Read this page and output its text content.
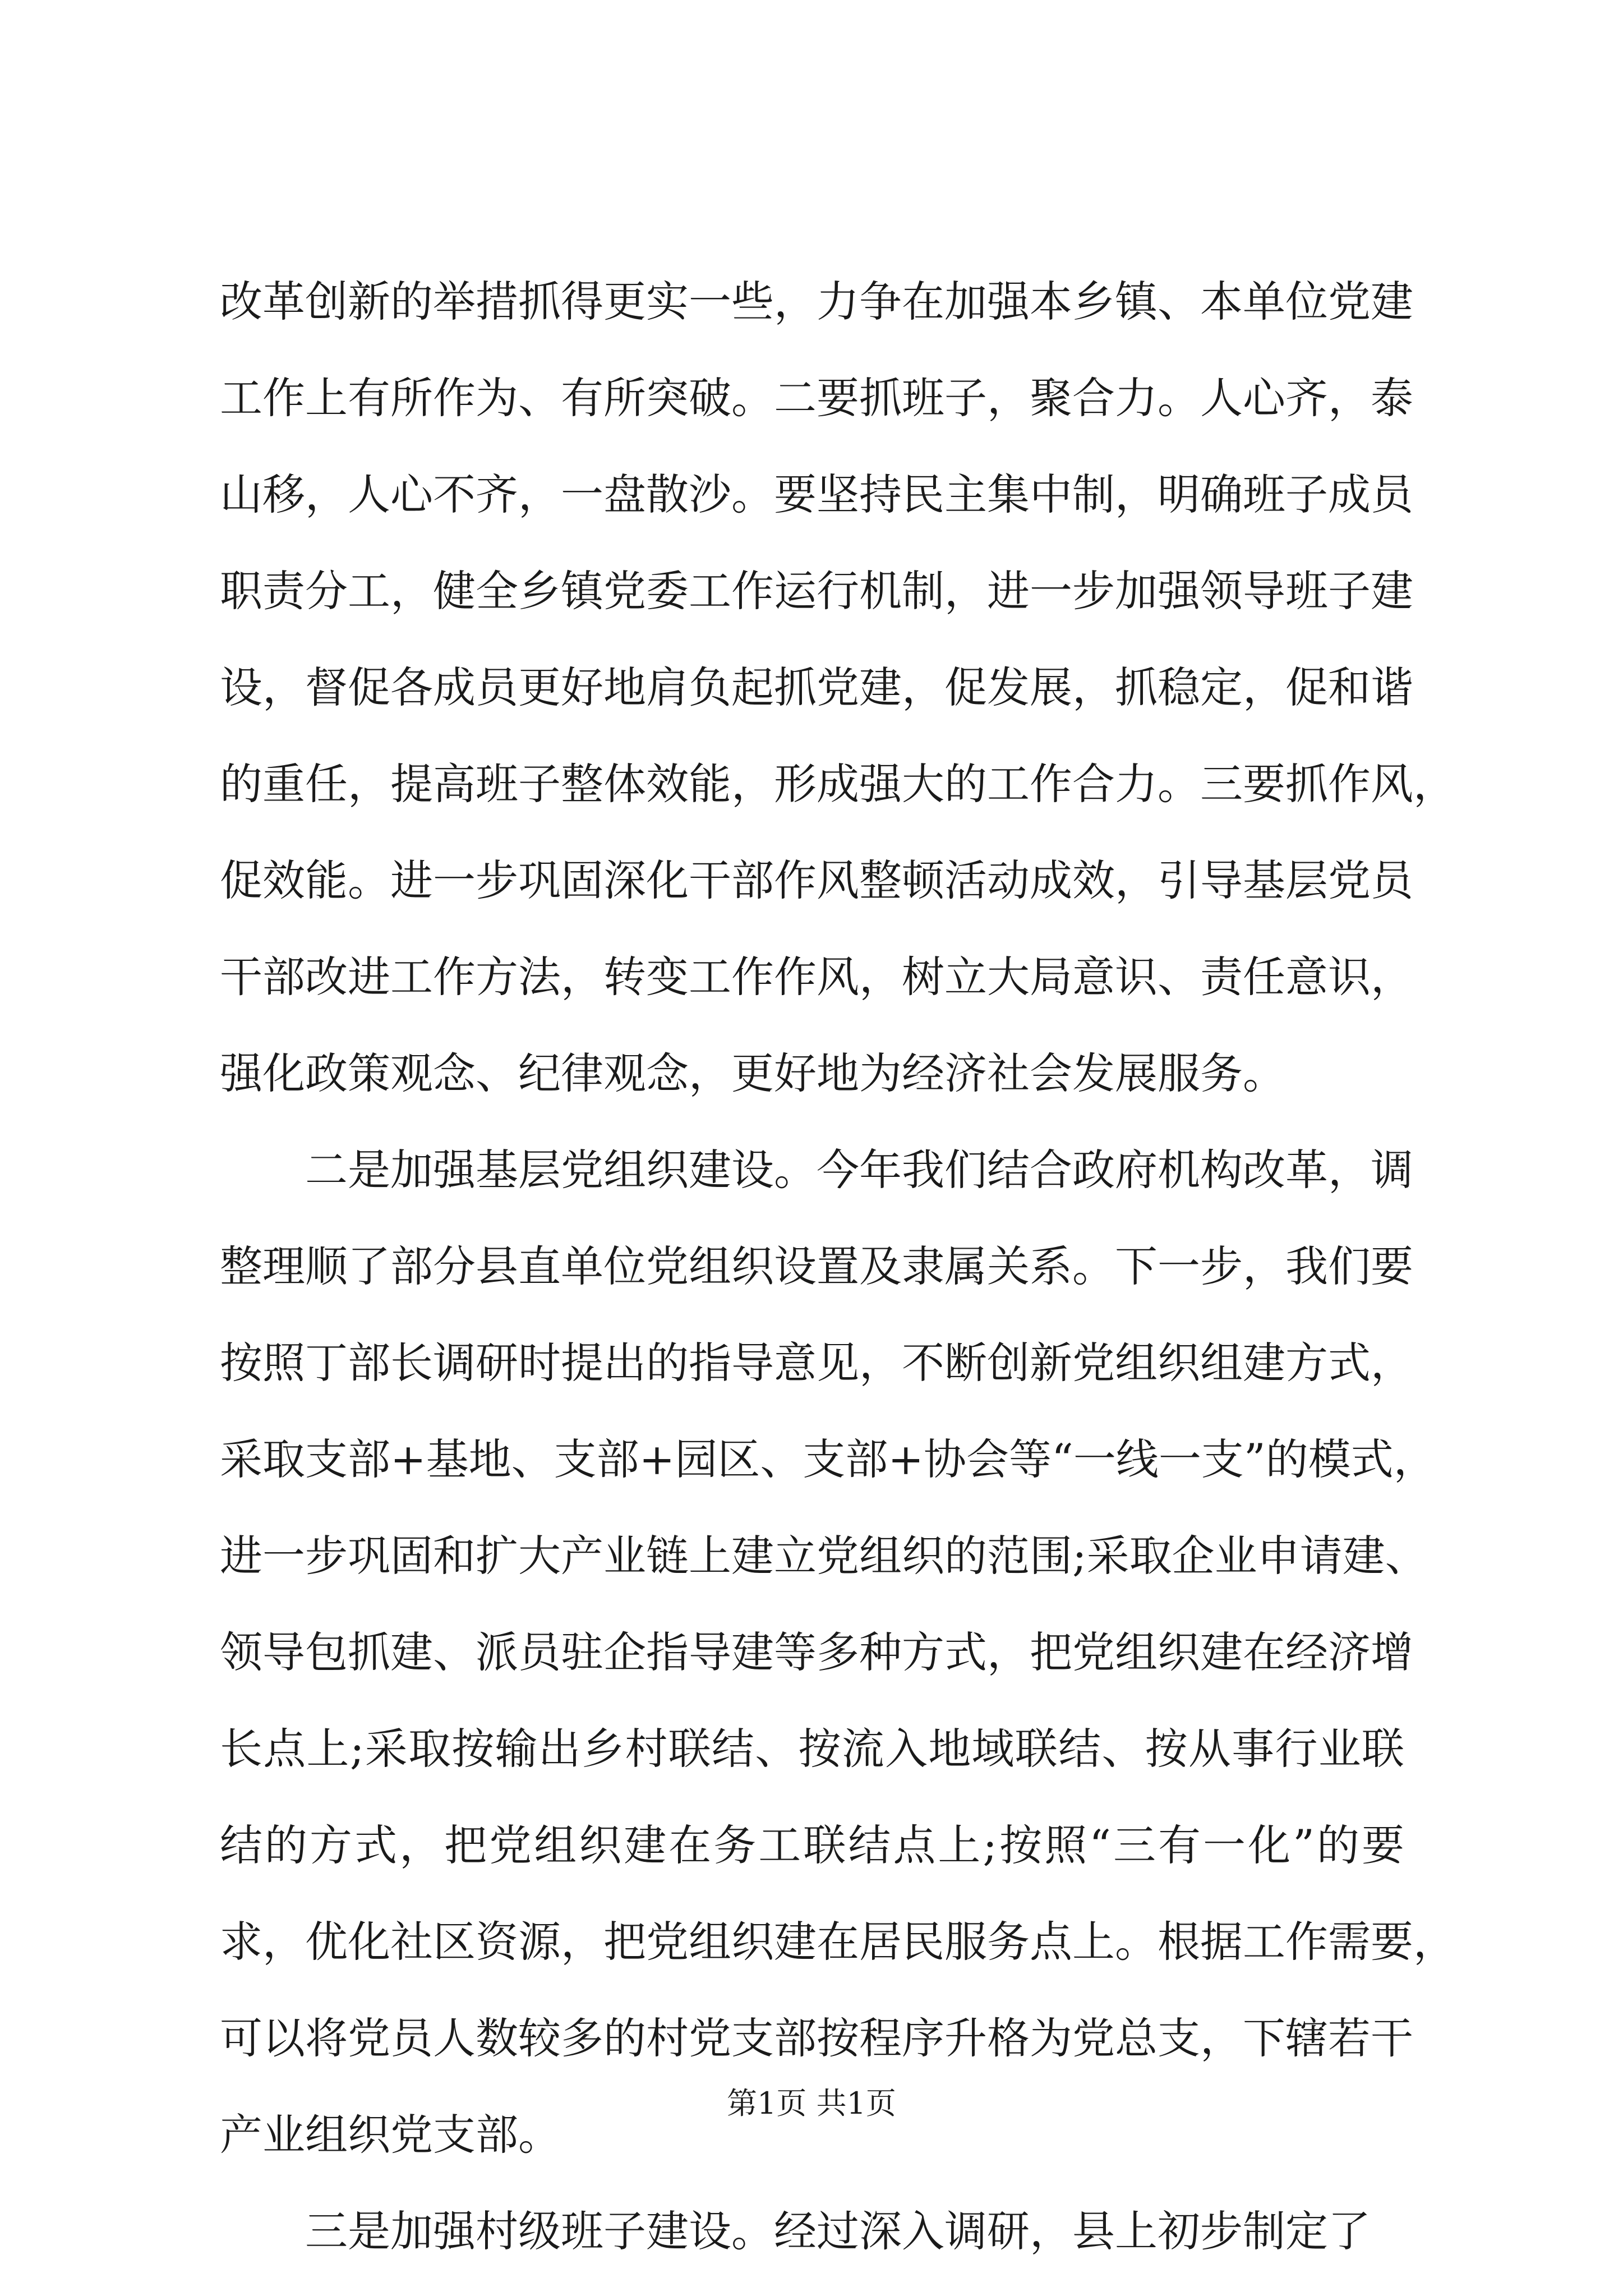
改革创新的举措抓得更实一些，力争在加强本乡镇、本单位党建
工作上有所作为、有所突破。二要抓班子，聚合力。人心齐，泰
山移，人心不齐，一盘散沙。要坚持民主集中制，明确班子成员
职责分工，健全乡镇党委工作运行机制，进一步加强领导班子建
设，督促各成员更好地肩负起抓党建，促发展，抓稳定，促和谐
的重任，提高班子整体效能，形成强大的工作合力。三要抓作风，
促效能。进一步巩固深化干部作风整顿活动成效，引导基层党员
干部改进工作方法，转变工作作风，树立大局意识、责任意识，
强化政策观念、纪律观念，更好地为经济社会发展服务。
二是加强基层党组织建设。今年我们结合政府机构改革，调
整理顺了部分县直单位党组织设置及隶属关系。下一步，我们要
按照丁部长调研时提出的指导意见，不断创新党组织组建方式，
采取支部+基地、支部+园区、支部+协会等“一线一支”的模式，
进一步巩固和扩大产业链上建立党组织的范围;采取企业申请建、
领导包抓建、派员驻企指导建等多种方式，把党组织建在经济增
长点上;采取按输出乡村联结、按流入地域联结、按从事行业联
结的方式，把党组织建在务工联结点上;按照“三有一化”的要
求，优化社区资源，把党组织建在居民服务点上。根据工作需要，
可以将党员人数较多的村党支部按程序升格为党总支，下辖若干
产业组织党支部。
三是加强村级班子建设。经过深入调研，县上初步制定了
第1页 共1页
